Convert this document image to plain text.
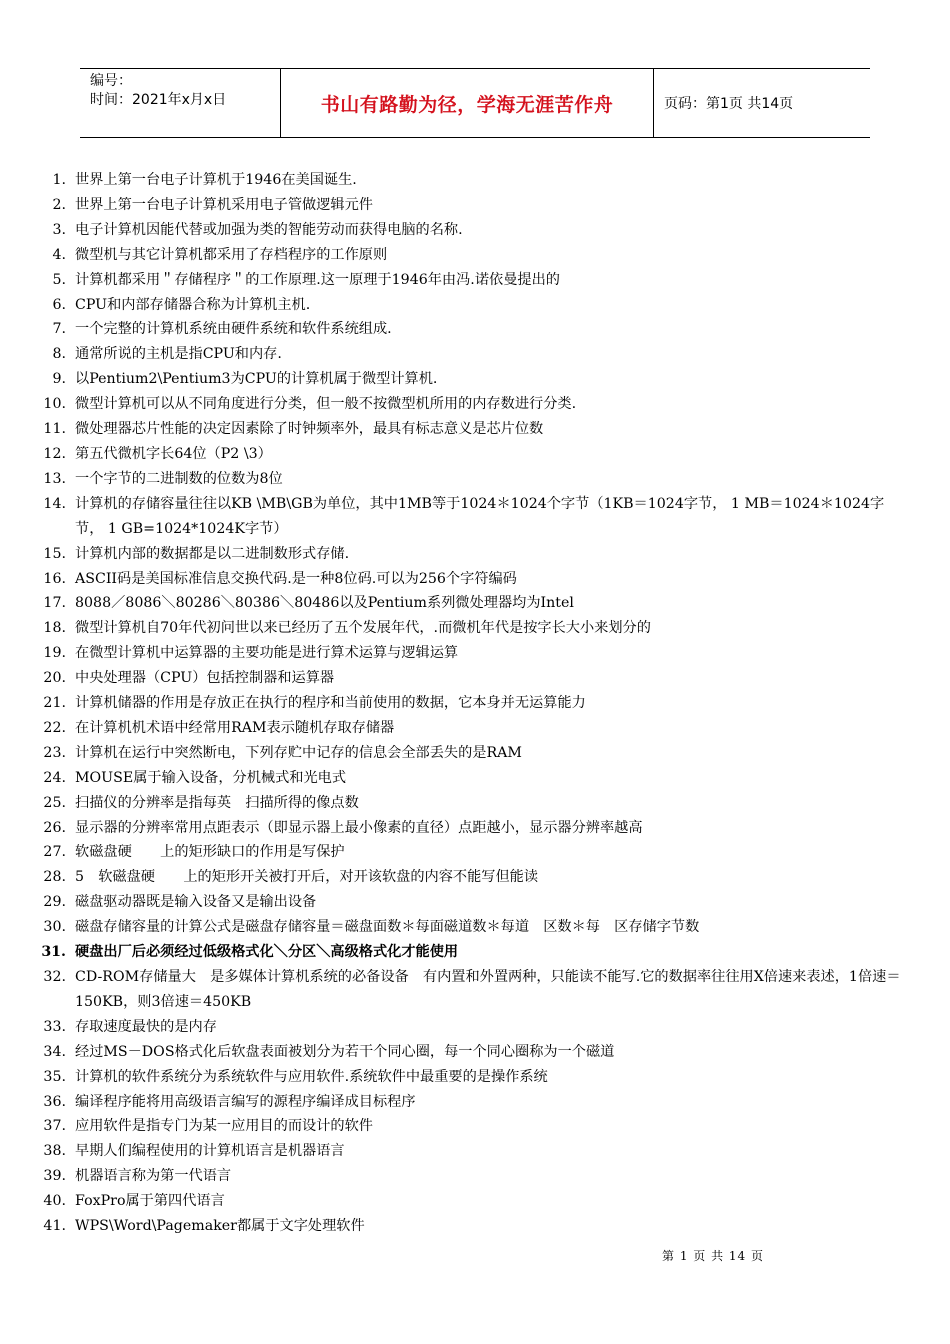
编号：
时间：2021年x月x日	书山有路勤为径，学海无涯苦作舟	页码：第1页 共14页
1. 世界上第一台电子计算机于1946在美国诞生.
2. 世界上第一台电子计算机采用电子管做逻辑元件
3. 电子计算机因能代替或加强为类的智能劳动而获得电脑的名称.
4. 微型机与其它计算机都采用了存档程序的工作原则
5. 计算机都采用＂存储程序＂的工作原理.这一原理于1946年由冯.诺依曼提出的
6. CPU和内部存储器合称为计算机主机.
7. 一个完整的计算机系统由硬件系统和软件系统组成.
8. 通常所说的主机是指CPU和内存.
9. 以Pentium2\Pentium3为CPU的计算机属于微型计算机.
10. 微型计算机可以从不同角度进行分类，但一般不按微型机所用的内存数进行分类.
11. 微处理器芯片性能的决定因素除了时钟频率外，最具有标志意义是芯片位数
12. 第五代微机字长64位（P2 \3）
13. 一个字节的二进制数的位数为8位
14. 计算机的存储容量往往以KB \MB\GB为单位，其中1MB等于1024＊1024个字节（1KB＝1024字节， 1 MB＝1024＊1024字节， 1 GB=1024*1024K字节）
15. 计算机内部的数据都是以二进制数形式存储.
16. ASCII码是美国标准信息交换代码.是一种8位码.可以为256个字符编码
17. 8088／8086＼80286＼80386＼80486以及Pentium系列微处理器均为Intel
18. 微型计算机自70年代初问世以来已经历了五个发展年代，.而微机年代是按字长大小来划分的
19. 在微型计算机中运算器的主要功能是进行算术运算与逻辑运算
20. 中央处理器（CPU）包括控制器和运算器
21. 计算机储器的作用是存放正在执行的程序和当前使用的数据，它本身并无运算能力
22. 在计算机机术语中经常用RAM表示随机存取存储器
23. 计算机在运行中突然断电，下列存贮中记存的信息会全部丢失的是RAM
24. MOUSE属于输入设备，分机械式和光电式
25. 扫描仪的分辨率是指每英　扫描所得的像点数
26. 显示器的分辨率常用点距表示（即显示器上最小像素的直径）点距越小，显示器分辨率越高
27. 软磁盘硬　　上的矩形缺口的作用是写保护
28. 5　软磁盘硬　　上的矩形开关被打开后，对开该软盘的内容不能写但能读
29. 磁盘驱动器既是输入设备又是输出设备
30. 磁盘存储容量的计算公式是磁盘存储容量＝磁盘面数＊每面磁道数＊每道　区数＊每　区存储字节数
31. 硬盘出厂后必须经过低级格式化＼分区＼高级格式化才能使用
32. CD-ROM存储量大　是多媒体计算机系统的必备设备　有内置和外置两种，只能读不能写.它的数据率往往用X倍速来表述，1倍速＝150KB，则3倍速＝450KB
33. 存取速度最快的是内存
34. 经过MS－DOS格式化后软盘表面被划分为若干个同心圈，每一个同心圈称为一个磁道
35. 计算机的软件系统分为系统软件与应用软件.系统软件中最重要的是操作系统
36. 编译程序能将用高级语言编写的源程序编译成目标程序
37. 应用软件是指专门为某一应用目的而设计的软件
38. 早期人们编程使用的计算机语言是机器语言
39. 机器语言称为第一代语言
40. FoxPro属于第四代语言
41. WPS\Word\Pagemaker都属于文字处理软件
第 1 页 共 14 页
